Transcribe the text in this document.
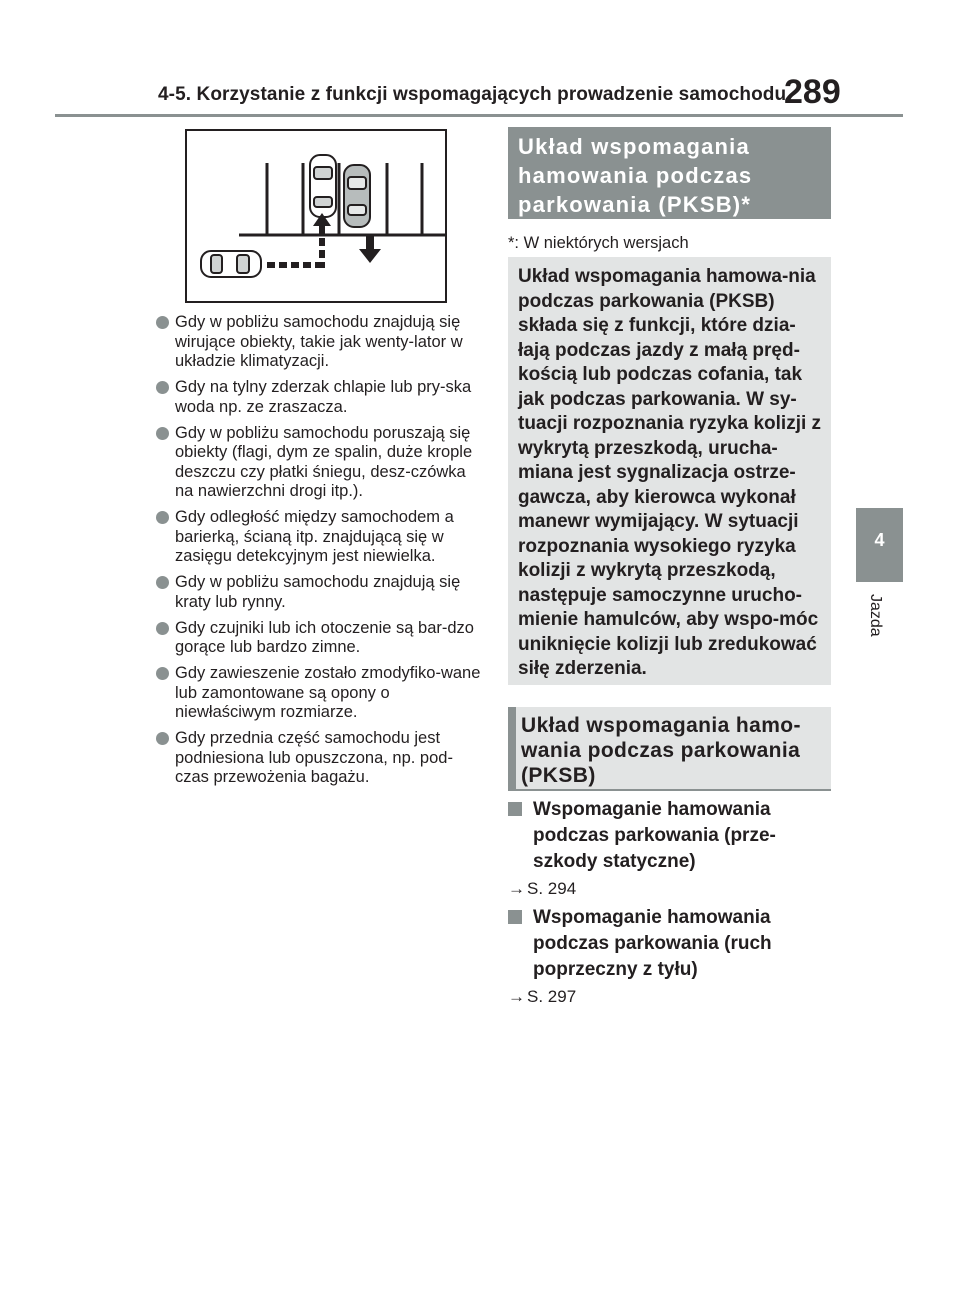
4-5. Korzystanie z funkcji wspomagających prowadzenie samochodu
289
4
Jazda
Gdy w pobliżu samochodu znajdują się wirujące obiekty, takie jak wenty-lator w układzie klimatyzacji.
Gdy na tylny zderzak chlapie lub pry-ska woda np. ze zraszacza.
Gdy w pobliżu samochodu poruszają się obiekty (flagi, dym ze spalin, duże krople deszczu czy płatki śniegu, desz-czówka na nawierzchni drogi itp.).
Gdy odległość między samochodem a barierką, ścianą itp. znajdującą się w zasięgu detekcyjnym jest niewielka.
Gdy w pobliżu samochodu znajdują się kraty lub rynny.
Gdy czujniki lub ich otoczenie są bar-dzo gorące lub bardzo zimne.
Gdy zawieszenie zostało zmodyfiko-wane lub zamontowane są opony o niewłaściwym rozmiarze.
Gdy przednia część samochodu jest podniesiona lub opuszczona, np. pod-czas przewożenia bagażu.
Układ wspomagania hamowania podczas parkowania (PKSB)*
*: W niektórych wersjach
Układ wspomagania hamowa-nia podczas parkowania (PKSB) składa się z funkcji, które dzia-łają podczas jazdy z małą pręd-kością lub podczas cofania, tak jak podczas parkowania. W sy-tuacji rozpoznania ryzyka kolizji z wykrytą przeszkodą, urucha-miana jest sygnalizacja ostrze-gawcza, aby kierowca wykonał manewr wymijający. W sytuacji rozpoznania wysokiego ryzyka kolizji z wykrytą przeszkodą, następuje samoczynne urucho-mienie hamulców, aby wspo-móc uniknięcie kolizji lub zredukować siłę zderzenia.
Układ wspomagania hamo-wania podczas parkowania (PKSB)
Wspomaganie hamowania podczas parkowania (prze-szkody statyczne)
→ S. 294
Wspomaganie hamowania podczas parkowania (ruch poprzeczny z tyłu)
→ S. 297
